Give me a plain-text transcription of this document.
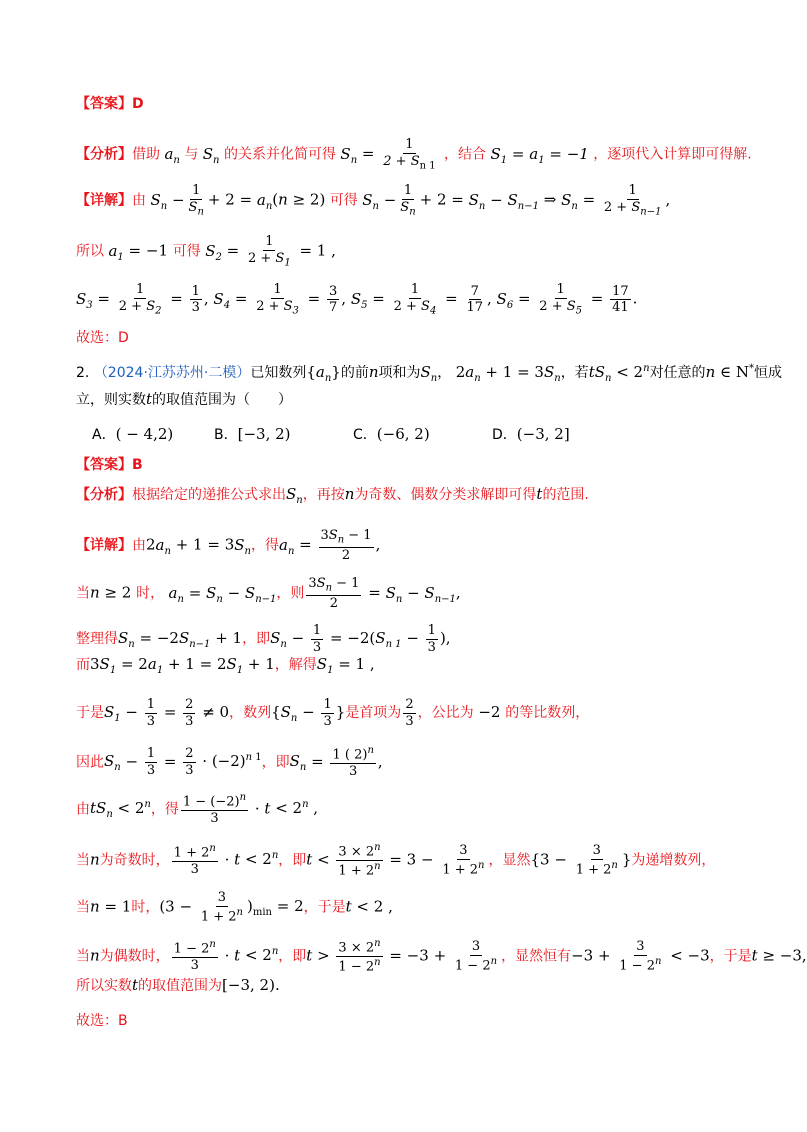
【答案】D
【分析】借助 $a_n$ 与 $S_n$ 的关系并化简可得 $S_n = \frac{1}{2 + S_{n 1}}$ ，结合 $S_1 = a_1 = -1$ ，逐项代入计算即可得解.
【详解】由 $S_n - \frac{1}{S_n} + 2 = a_n(n \ge 2)$ 可得 $S_n - \frac{1}{S_n} + 2 = S_n - S_{n-1}$ ⇒ $S_n = \frac{1}{2 + S_{n-1}}$ ,
所以 $a_1 = -1$ 可得 $S_2 = \frac{1}{2 + S_1} = 1$ ,
$S_3 = \frac{1}{2 + S_2} = \frac{1}{3}$ , $S_4 = \frac{1}{2 + S_3} = \frac{3}{7}$ , $S_5 = \frac{1}{2 + S_4} = \frac{7}{17}$ , $S_6 = \frac{1}{2 + S_5} = \frac{17}{41}$ .
故选：D
2. （2024·江苏苏州·二模）已知数列$\{a_n\}$的前n项和为$S_n$， $2a_n + 1 = 3S_n$，若$tS_n < 2^n$对任意的n ∈ N*恒成
立，则实数t的取值范围为（　　）
A．( − 4,2)	B．[−3, 2)	C．(−6, 2)	D．(−3, 2]
【答案】B
【分析】根据给定的递推公式求出$S_n$，再按n为奇数、偶数分类求解即可得t的范围.
【详解】由$2a_n + 1 = 3S_n$，得$a_n = \frac{3S_n - 1}{2}$ ,
当n ≥ 2 时， $a_n = S_n - S_{n-1}$，则 $\frac{3S_n - 1}{2} = S_n - S_{n-1}$,
整理得$S_n = -2S_{n-1} + 1$，即$S_n - \frac{1}{3} = -2(S_{n 1} - \frac{1}{3}$ ),
而$3S_1 = 2a_1 + 1 = 2S_1 + 1$，解得$S_1 = 1$ ,
于是$S_1 - \frac{1}{3} = \frac{2}{3} \ne 0$，数列{$S_n - \frac{1}{3}$ }是首项为 $\frac{2}{3}$ ，公比为 −2 的等比数列，
因此$S_n - \frac{1}{3} = \frac{2}{3} \cdot (-2)^{n 1}$，即$S_n = \frac{1 ( 2)^n}{3}$ ,
由$tS_n < 2^n$，得 $\frac{1 - (-2)^n}{3} \cdot t < 2^n$ ,
当n为奇数时， $\frac{1 + 2^n}{3} \cdot t < 2^n$，即$t < \frac{3 \times 2^n}{1 + 2^n} = 3 - \frac{3}{1 + 2^n}$ ，显然{$3 - \frac{3}{1 + 2^n}$ }为递增数列，
当n = 1时，$(3 - \frac{3}{1 + 2^n} )_{min} = 2$，于是t < 2 ,
当n为偶数时， $\frac{1 - 2^n}{3} \cdot t < 2^n$，即$t > \frac{3 \times 2^n}{1 - 2^n} = -3 + \frac{3}{1 - 2^n}$ ，显然恒有$-3 + \frac{3}{1 - 2^n} < -3$，于是t ≥ −3,
所以实数t的取值范围为[−3, 2).
故选：B
